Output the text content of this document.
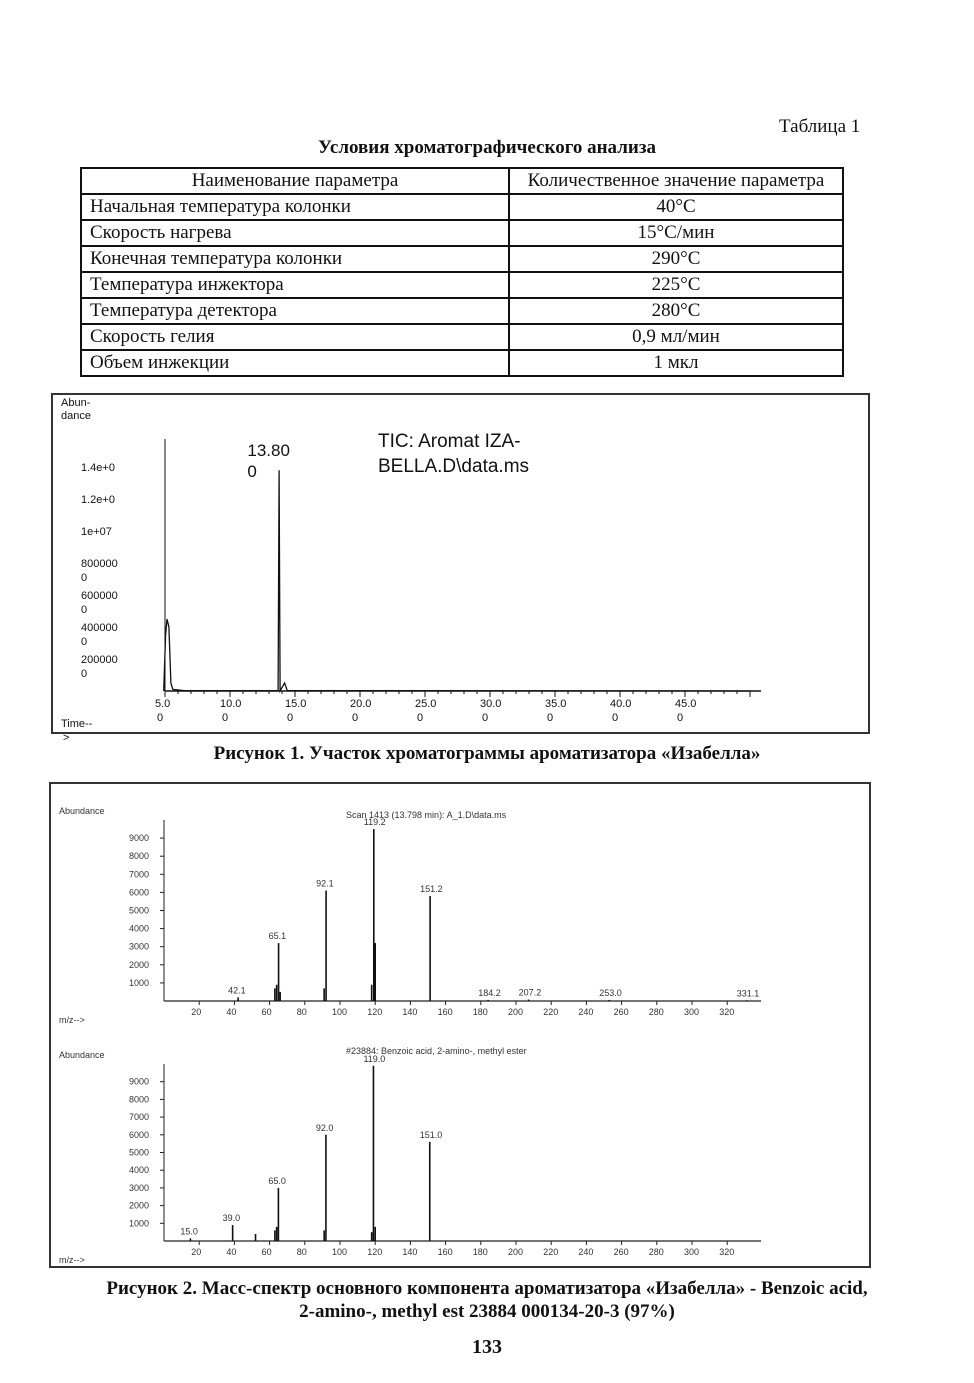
Таблица 1
Условия хроматографического анализа
Наименование параметра	Количественное значение параметра
Начальная температура колонки	40°C
Скорость нагрева	15°C/мин
Конечная температура колонки	290°C
Температура инжектора	225°C
Температура детектора	280°C
Скорость гелия	0,9 мл/мин
Объем инжекции	1 мкл
Abun-
dance
Time--
>
1.4e+0
1.2e+0
1e+07
800000
0
600000
0
400000
0
200000
0
5.0
0
10.0
0
15.0
0
20.0
0
25.0
0
30.0
0
35.0
0
40.0
0
45.0
0
13.80
0
TIC: Aromat IZA-
BELLA.D\data.ms
Рисунок 1. Участок хроматограммы ароматизатора «Изабелла»
Abundance
m/z-->
1000
2000
3000
4000
5000
6000
7000
8000
9000
20	40	60	80	100 120 140 160 180 200 220 240 260 280 300 320
42.1
65.1
92.1
119.2
151.2
184.2 207.2	253.0	331.1
Scan 1413 (13.798 min): A_1.D\data.ms
Abundance
m/z-->
1000
2000
3000
4000
5000
6000
7000
8000
9000
20	40	60	80	100 120 140 160 180 200 220 240 260 280 300 320
15.0
39.0
65.0
92.0
119.0
151.0
#23884: Benzoic acid, 2-amino-, methyl ester
Рисунок 2. Масс-спектр основного компонента ароматизатора «Изабелла» - Benzoic acid,
2-amino-, methyl est 23884 000134-20-3 (97%)
133
